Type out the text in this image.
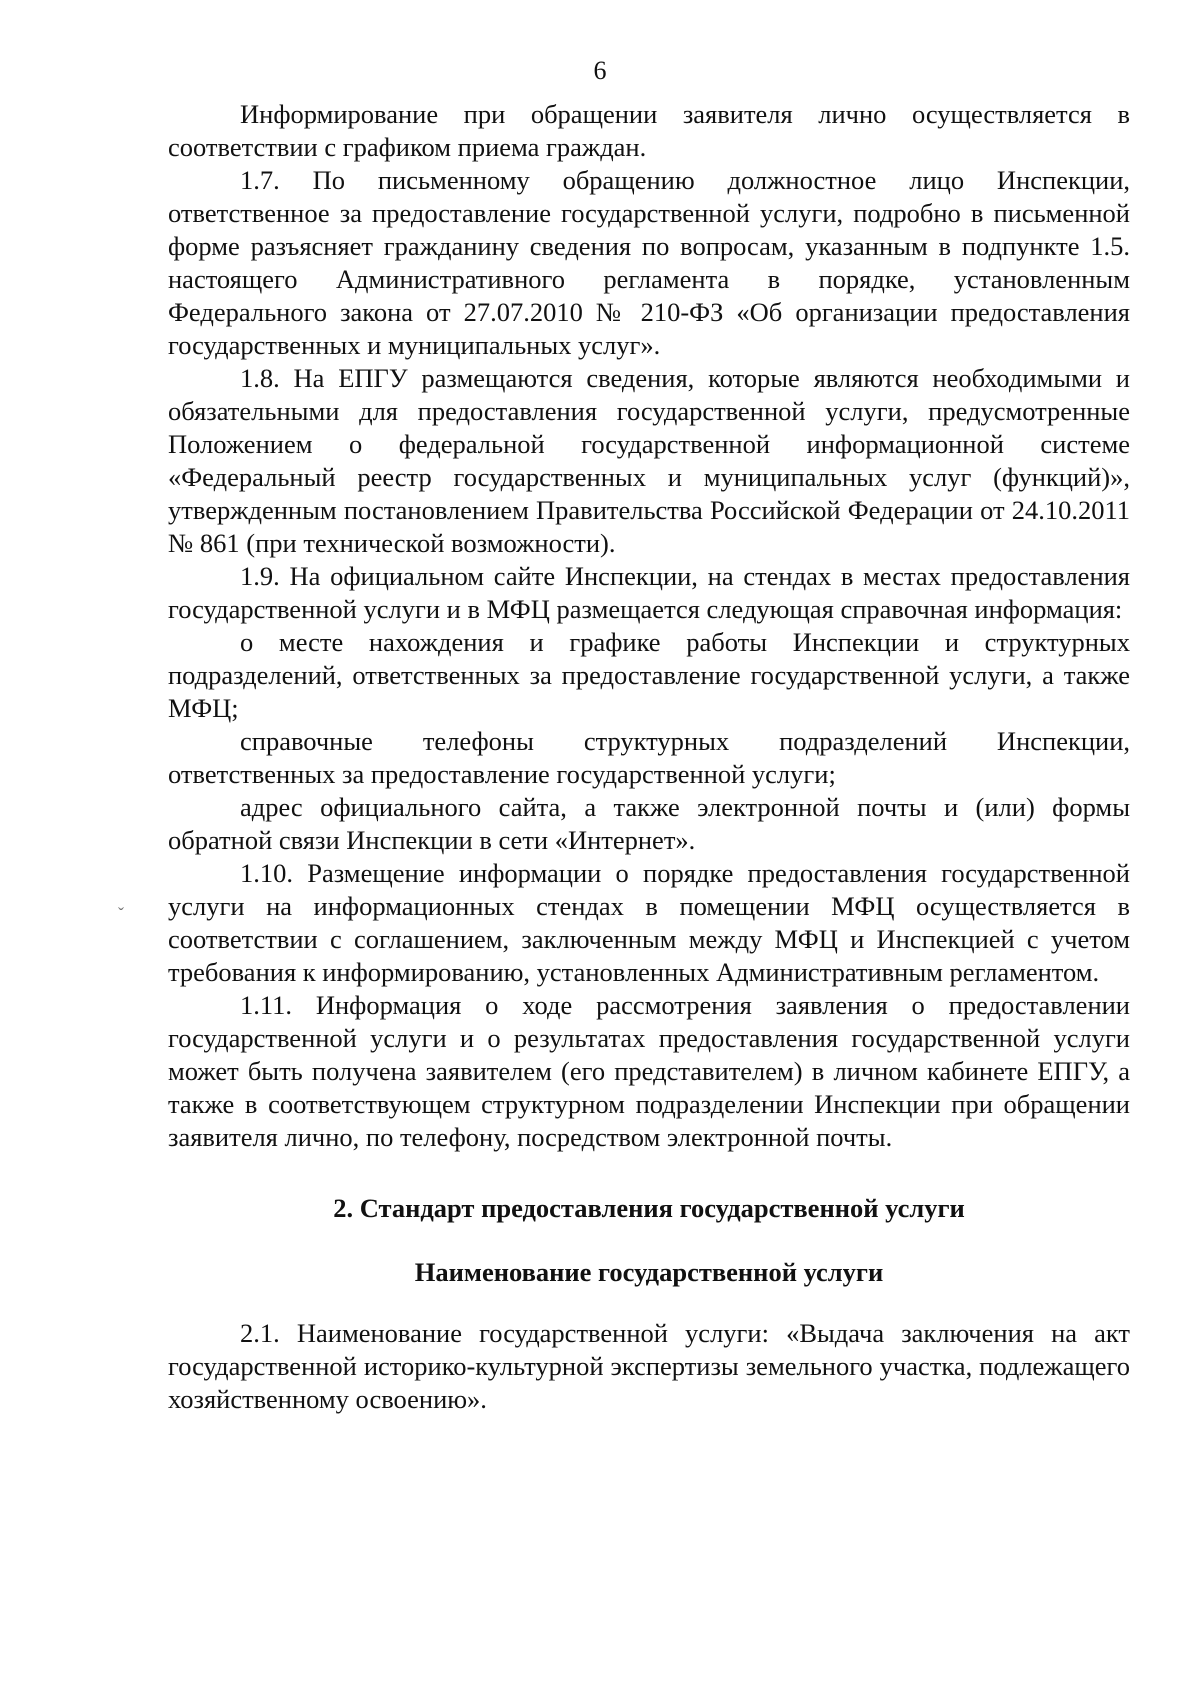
6
ˇ

Информирование при обращении заявителя лично осуществляется в соответствии с графиком приема граждан.

1.7. По письменному обращению должностное лицо Инспекции, ответственное за предоставление государственной услуги, подробно в письменной форме разъясняет гражданину сведения по вопросам, указанным в подпункте 1.5. настоящего Административного регламента в порядке, установленным Федерального закона от 27.07.2010 № 210-ФЗ «Об организации предоставления государственных и муниципальных услуг».

1.8. На ЕПГУ размещаются сведения, которые являются необходимыми и обязательными для предоставления государственной услуги, предусмотренные Положением о федеральной государственной информационной системе «Федеральный реестр государственных и муниципальных услуг (функций)», утвержденным постановлением Правительства Российской Федерации от 24.10.2011 № 861 (при технической возможности).

1.9. На официальном сайте Инспекции, на стендах в местах предоставления государственной услуги и в МФЦ размещается следующая справочная информация:

о месте нахождения и графике работы Инспекции и структурных подразделений, ответственных за предоставление государственной услуги, а также МФЦ;

справочные телефоны структурных подразделений Инспекции, ответственных за предоставление государственной услуги;

адрес официального сайта, а также электронной почты и (или) формы обратной связи Инспекции в сети «Интернет».

1.10. Размещение информации о порядке предоставления государственной услуги на информационных стендах в помещении МФЦ осуществляется в соответствии с соглашением, заключенным между МФЦ и Инспекцией с учетом требования к информированию, установленных Административным регламентом.

1.11. Информация о ходе рассмотрения заявления о предоставлении государственной услуги и о результатах предоставления государственной услуги может быть получена заявителем (его представителем) в личном кабинете ЕПГУ, а также в соответствующем структурном подразделении Инспекции при обращении заявителя лично, по телефону, посредством электронной почты.

2. Стандарт предоставления государственной услуги
Наименование государственной услуги

2.1. Наименование государственной услуги: «Выдача заключения на акт государственной историко-культурной экспертизы земельного участка, подлежащего хозяйственному освоению».
